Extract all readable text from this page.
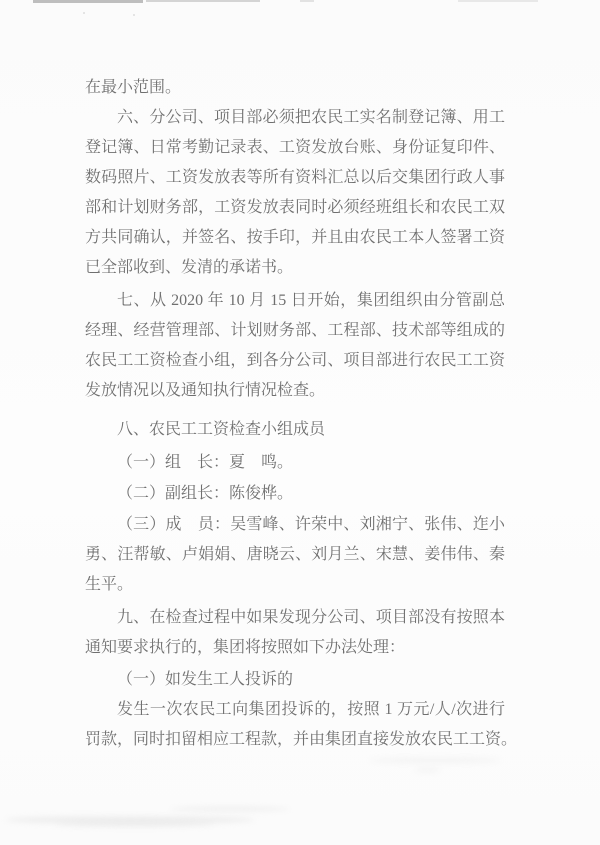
在最小范围。
六、分公司、项目部必须把农民工实名制登记簿、用工
登记簿、日常考勤记录表、工资发放台账、身份证复印件、
数码照片、工资发放表等所有资料汇总以后交集团行政人事
部和计划财务部，工资发放表同时必须经班组长和农民工双
方共同确认，并签名、按手印，并且由农民工本人签署工资
已全部收到、发清的承诺书。
七、从 2020 年 10 月 15 日开始，集团组织由分管副总
经理、经营管理部、计划财务部、工程部、技术部等组成的
农民工工资检查小组，到各分公司、项目部进行农民工工资
发放情况以及通知执行情况检查。
八、农民工工资检查小组成员
（一）组　长：夏　鸣。
（二）副组长：陈俊桦。
（三）成　员：吴雪峰、许荣中、刘湘宁、张伟、迮小
勇、汪帮敏、卢娟娟、唐晓云、刘月兰、宋慧、姜伟伟、秦
生平。
九、在检查过程中如果发现分公司、项目部没有按照本
通知要求执行的，集团将按照如下办法处理：
（一）如发生工人投诉的
发生一次农民工向集团投诉的，按照 1 万元/人/次进行
罚款，同时扣留相应工程款，并由集团直接发放农民工工资。
